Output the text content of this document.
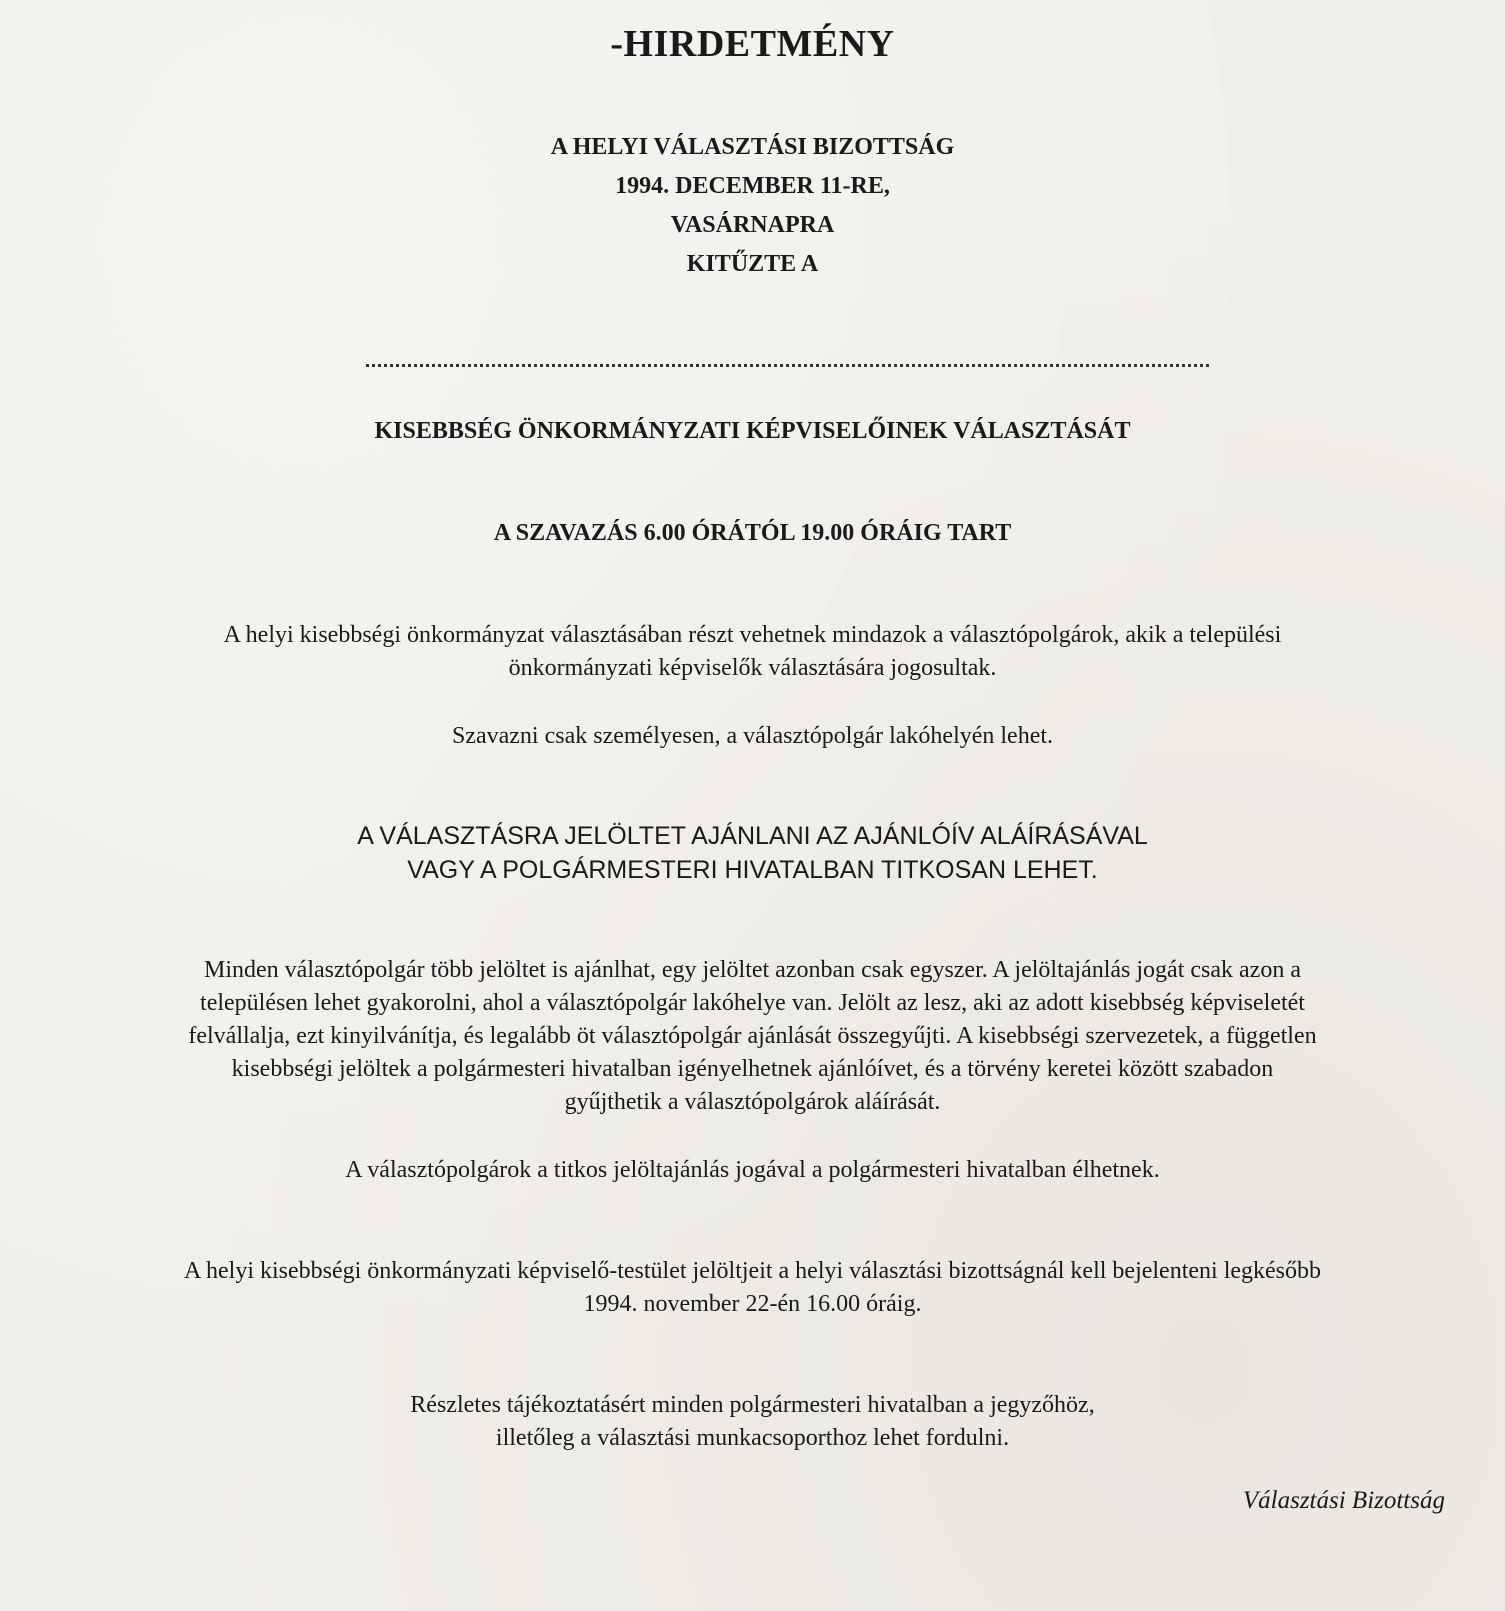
-HIRDETMÉNY
A HELYI VÁLASZTÁSI BIZOTTSÁG
1994. DECEMBER 11-RE,
VASÁRNAPRA
KITŰZTE A
KISEBBSÉG ÖNKORMÁNYZATI KÉPVISELŐINEK VÁLASZTÁSÁT
A SZAVAZÁS 6.00 ÓRÁTÓL 19.00 ÓRÁIG TART
A helyi kisebbségi önkormányzat választásában részt vehetnek mindazok a választópolgárok, akik a települési
önkormányzati képviselők választására jogosultak.
Szavazni csak személyesen, a választópolgár lakóhelyén lehet.
A VÁLASZTÁSRA JELÖLTET AJÁNLANI AZ AJÁNLÓÍV ALÁÍRÁSÁVAL
VAGY A POLGÁRMESTERI HIVATALBAN TITKOSAN LEHET.
Minden választópolgár több jelöltet is ajánlhat, egy jelöltet azonban csak egyszer. A jelöltajánlás jogát csak azon a
településen lehet gyakorolni, ahol a választópolgár lakóhelye van. Jelölt az lesz, aki az adott kisebbség képviseletét
felvállalja, ezt kinyilvánítja, és legalább öt választópolgár ajánlását összegyűjti. A kisebbségi szervezetek, a független
kisebbségi jelöltek a polgármesteri hivatalban igényelhetnek ajánlóívet, és a törvény keretei között szabadon
gyűjthetik a választópolgárok aláírását.
A választópolgárok a titkos jelöltajánlás jogával a polgármesteri hivatalban élhetnek.
A helyi kisebbségi önkormányzati képviselő-testület jelöltjeit a helyi választási bizottságnál kell bejelenteni legkésőbb
1994. november 22-én 16.00 óráig.
Részletes tájékoztatásért minden polgármesteri hivatalban a jegyzőhöz,
illetőleg a választási munkacsoporthoz lehet fordulni.
Választási Bizottság
